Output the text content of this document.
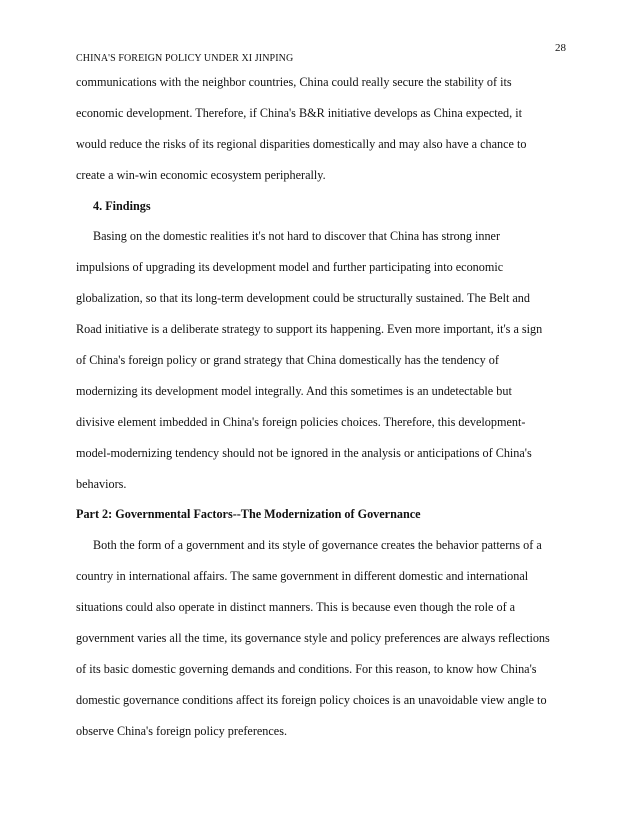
28
CHINA'S FOREIGN POLICY UNDER XI JINPING
communications with the neighbor countries, China could really secure the stability of its
economic development. Therefore, if China's B&R initiative develops as China expected, it
would reduce the risks of its regional disparities domestically and may also have a chance to
create a win-win economic ecosystem peripherally.
4. Findings
Basing on the domestic realities it's not hard to discover that China has strong inner
impulsions of upgrading its development model and further participating into economic
globalization, so that its long-term development could be structurally sustained. The Belt and
Road initiative is a deliberate strategy to support its happening. Even more important, it's a sign
of China's foreign policy or grand strategy that China domestically has the tendency of
modernizing its development model integrally. And this sometimes is an undetectable but
divisive element imbedded in China's foreign policies choices. Therefore, this development-
model-modernizing tendency should not be ignored in the analysis or anticipations of China's
behaviors.
Part 2: Governmental Factors--The Modernization of Governance
Both the form of a government and its style of governance creates the behavior patterns of a
country in international affairs. The same government in different domestic and international
situations could also operate in distinct manners. This is because even though the role of a
government varies all the time, its governance style and policy preferences are always reflections
of its basic domestic governing demands and conditions. For this reason, to know how China's
domestic governance conditions affect its foreign policy choices is an unavoidable view angle to
observe China's foreign policy preferences.
